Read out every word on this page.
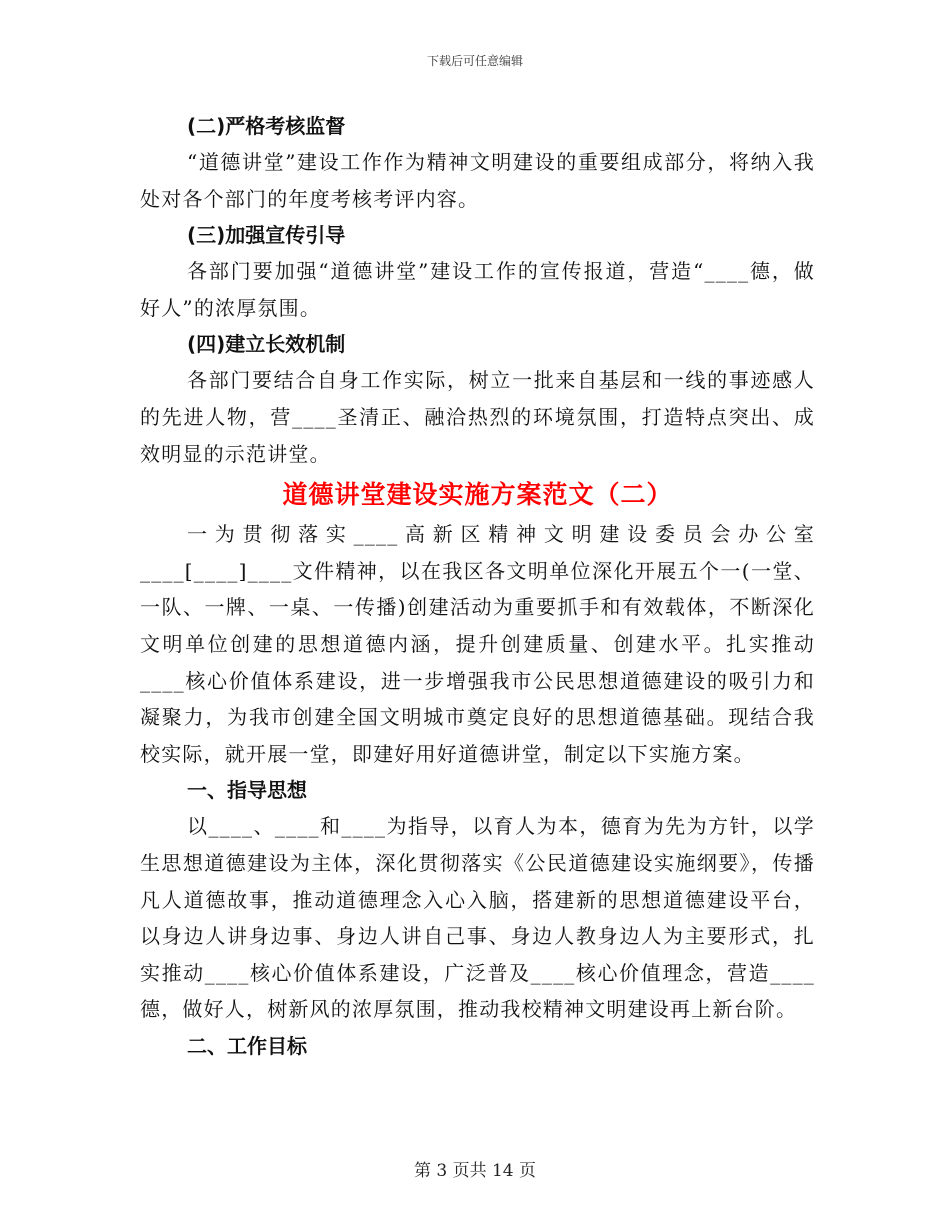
下载后可任意编辑

(二)严格考核监督

“道德讲堂”建设工作作为精神文明建设的重要组成部分，将纳入我处对各个部门的年度考核考评内容。

(三)加强宣传引导

各部门要加强“道德讲堂”建设工作的宣传报道，营造“____德，做好人”的浓厚氛围。

(四)建立长效机制

各部门要结合自身工作实际，树立一批来自基层和一线的事迹感人的先进人物，营____圣清正、融洽热烈的环境氛围，打造特点突出、成效明显的示范讲堂。

道德讲堂建设实施方案范文（二）

一为贯彻落实____高新区精神文明建设委员会办公室____[____]____文件精神，以在我区各文明单位深化开展五个一(一堂、一队、一牌、一桌、一传播)创建活动为重要抓手和有效载体，不断深化文明单位创建的思想道德内涵，提升创建质量、创建水平。扎实推动____核心价值体系建设，进一步增强我市公民思想道德建设的吸引力和凝聚力，为我市创建全国文明城市奠定良好的思想道德基础。现结合我校实际，就开展一堂，即建好用好道德讲堂，制定以下实施方案。

一、指导思想

以____、____和____为指导，以育人为本，德育为先为方针，以学生思想道德建设为主体，深化贯彻落实《公民道德建设实施纲要》，传播凡人道德故事，推动道德理念入心入脑，搭建新的思想道德建设平台，以身边人讲身边事、身边人讲自己事、身边人教身边人为主要形式，扎实推动____核心价值体系建设，广泛普及____核心价值理念，营造____德，做好人，树新风的浓厚氛围，推动我校精神文明建设再上新台阶。

二、工作目标

第 3 页共 14 页
